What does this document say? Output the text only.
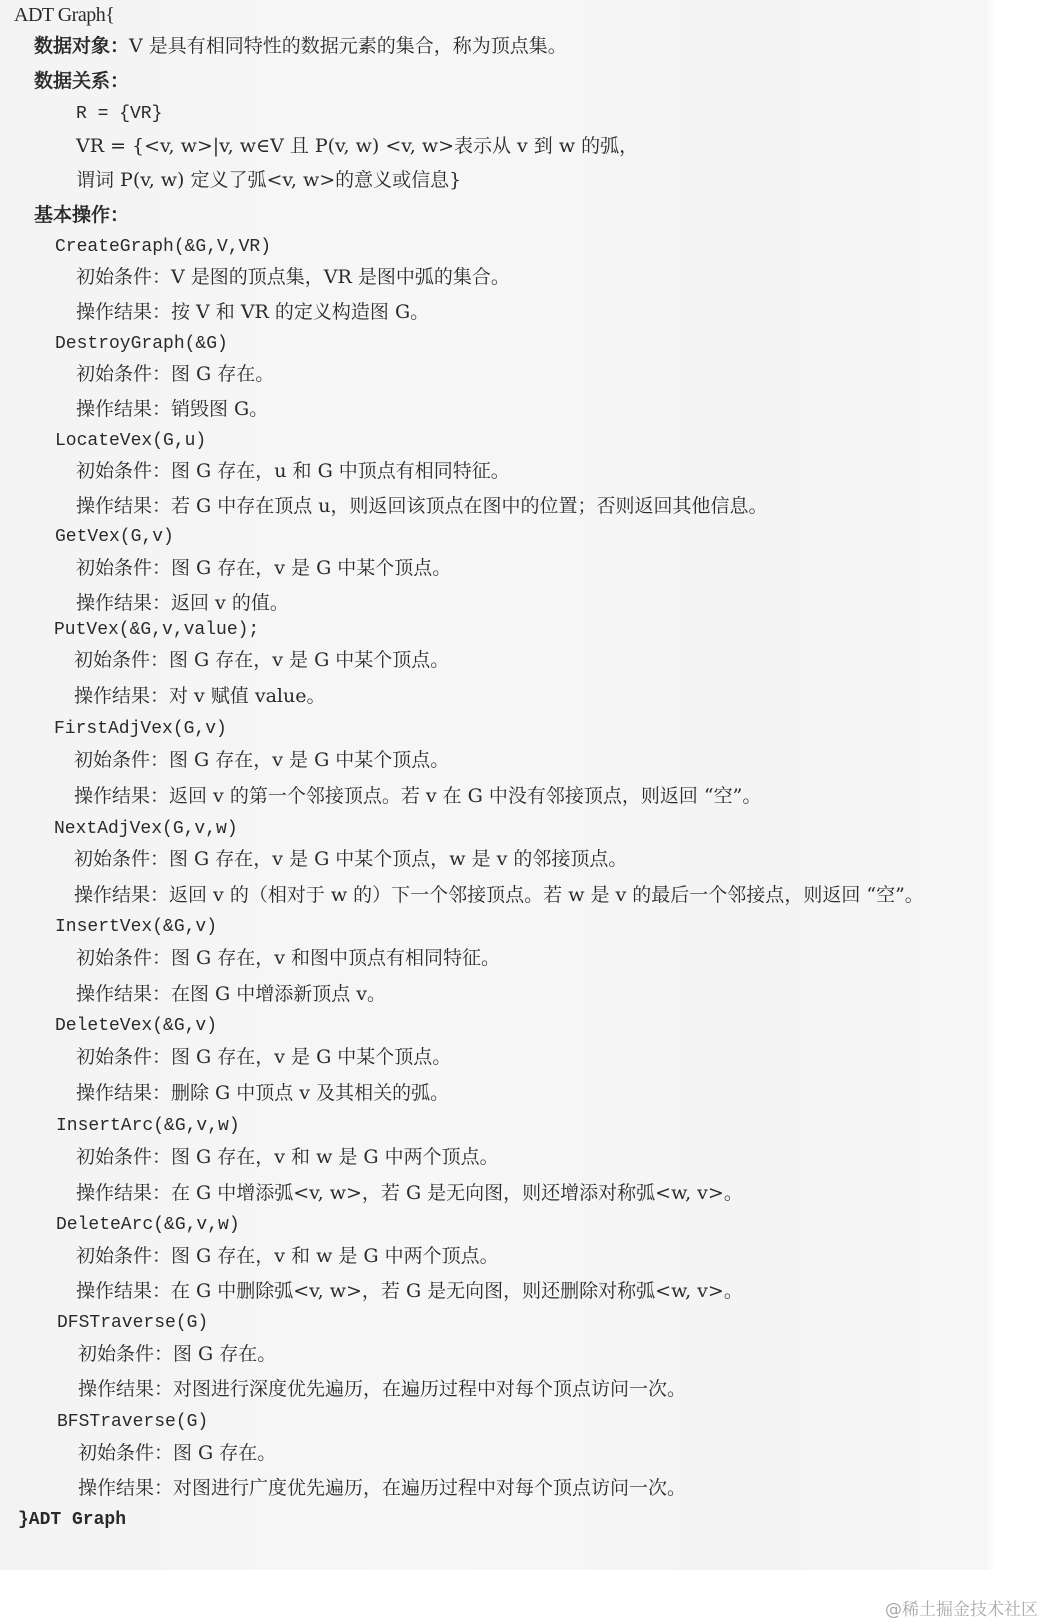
ADT Graph{
数据对象：V 是具有相同特性的数据元素的集合，称为顶点集。
数据关系：
R = {VR}
VR = {<v, w>|v, w∈V 且 P(v, w) <v, w>表示从 v 到 w 的弧，
谓词 P(v, w) 定义了弧<v, w>的意义或信息}
基本操作：
CreateGraph(&G,V,VR)
初始条件：V 是图的顶点集，VR 是图中弧的集合。
操作结果：按 V 和 VR 的定义构造图 G。
DestroyGraph(&G)
初始条件：图 G 存在。
操作结果：销毁图 G。
LocateVex(G,u)
初始条件：图 G 存在，u 和 G 中顶点有相同特征。
操作结果：若 G 中存在顶点 u，则返回该顶点在图中的位置；否则返回其他信息。
GetVex(G,v)
初始条件：图 G 存在，v 是 G 中某个顶点。
操作结果：返回 v 的值。
PutVex(&G,v,value);
初始条件：图 G 存在，v 是 G 中某个顶点。
操作结果：对 v 赋值 value。
FirstAdjVex(G,v)
初始条件：图 G 存在，v 是 G 中某个顶点。
操作结果：返回 v 的第一个邻接顶点。若 v 在 G 中没有邻接顶点，则返回 “空”。
NextAdjVex(G,v,w)
初始条件：图 G 存在，v 是 G 中某个顶点，w 是 v 的邻接顶点。
操作结果：返回 v 的（相对于 w 的）下一个邻接顶点。若 w 是 v 的最后一个邻接点，则返回 “空”。
InsertVex(&G,v)
初始条件：图 G 存在，v 和图中顶点有相同特征。
操作结果：在图 G 中增添新顶点 v。
DeleteVex(&G,v)
初始条件：图 G 存在，v 是 G 中某个顶点。
操作结果：删除 G 中顶点 v 及其相关的弧。
InsertArc(&G,v,w)
初始条件：图 G 存在，v 和 w 是 G 中两个顶点。
操作结果：在 G 中增添弧<v, w>，若 G 是无向图，则还增添对称弧<w, v>。
DeleteArc(&G,v,w)
初始条件：图 G 存在，v 和 w 是 G 中两个顶点。
操作结果：在 G 中删除弧<v, w>，若 G 是无向图，则还删除对称弧<w, v>。
DFSTraverse(G)
初始条件：图 G 存在。
操作结果：对图进行深度优先遍历，在遍历过程中对每个顶点访问一次。
BFSTraverse(G)
初始条件：图 G 存在。
操作结果：对图进行广度优先遍历，在遍历过程中对每个顶点访问一次。
}ADT Graph
@稀土掘金技术社区
